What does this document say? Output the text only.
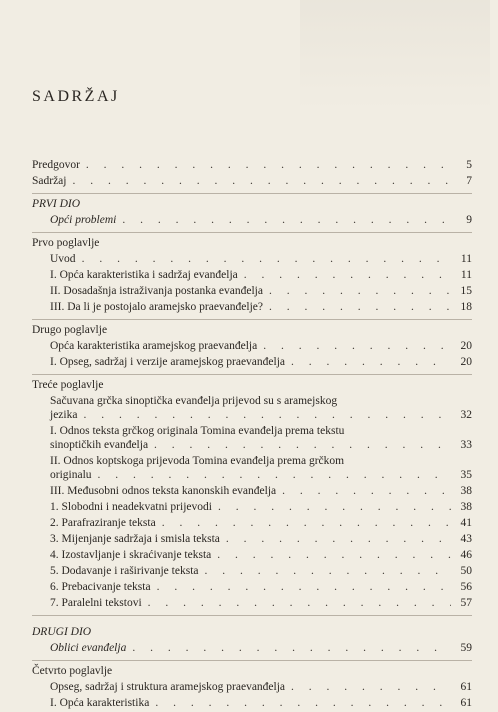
SADRŽAJ
Predgovor . . .	5
Sadržaj . . .	7
PRVI DIO
Opći problemi . . .	9
Prvo poglavlje
Uvod . . .	11
I. Opća karakteristika i sadržaj evanđelja . . .	11
II. Dosadašnja istraživanja postanka evanđelja . . .	15
III. Da li je postojalo aramejsko praevanđelje? . . .	18
Drugo poglavlje
Opća karakteristika aramejskog praevanđelja . . .	20
I. Opseg, sadržaj i verzije aramejskog praevanđelja . . .	20
Treće poglavlje
Sačuvana grčka sinoptička evanđelja prijevod su s aramejskog
jezika . . .	32
I. Odnos teksta grčkog originala Tomina evanđelja prema tekstu
sinoptičkih evanđelja . . .	33
II. Odnos koptskoga prijevoda Tomina evanđelja prema grčkom
originalu . . .	35
III. Međusobni odnos teksta kanonskih evanđelja . . .	38
1. Slobodni i neadekvatni prijevodi . . .	38
2. Parafraziranje teksta . . .	41
3. Mijenjanje sadržaja i smisla teksta . . .	43
4. Izostavljanje i skraćivanje teksta . . .	46
5. Dodavanje i raširivanje teksta . . .	50
6. Prebacivanje teksta . . .	56
7. Paralelni tekstovi . . .	57
DRUGI DIO
Oblici evanđelja . . .	59
Četvrto poglavlje
Opseg, sadržaj i struktura aramejskog praevanđelja . . .	61
I. Opća karakteristika . . .	61
